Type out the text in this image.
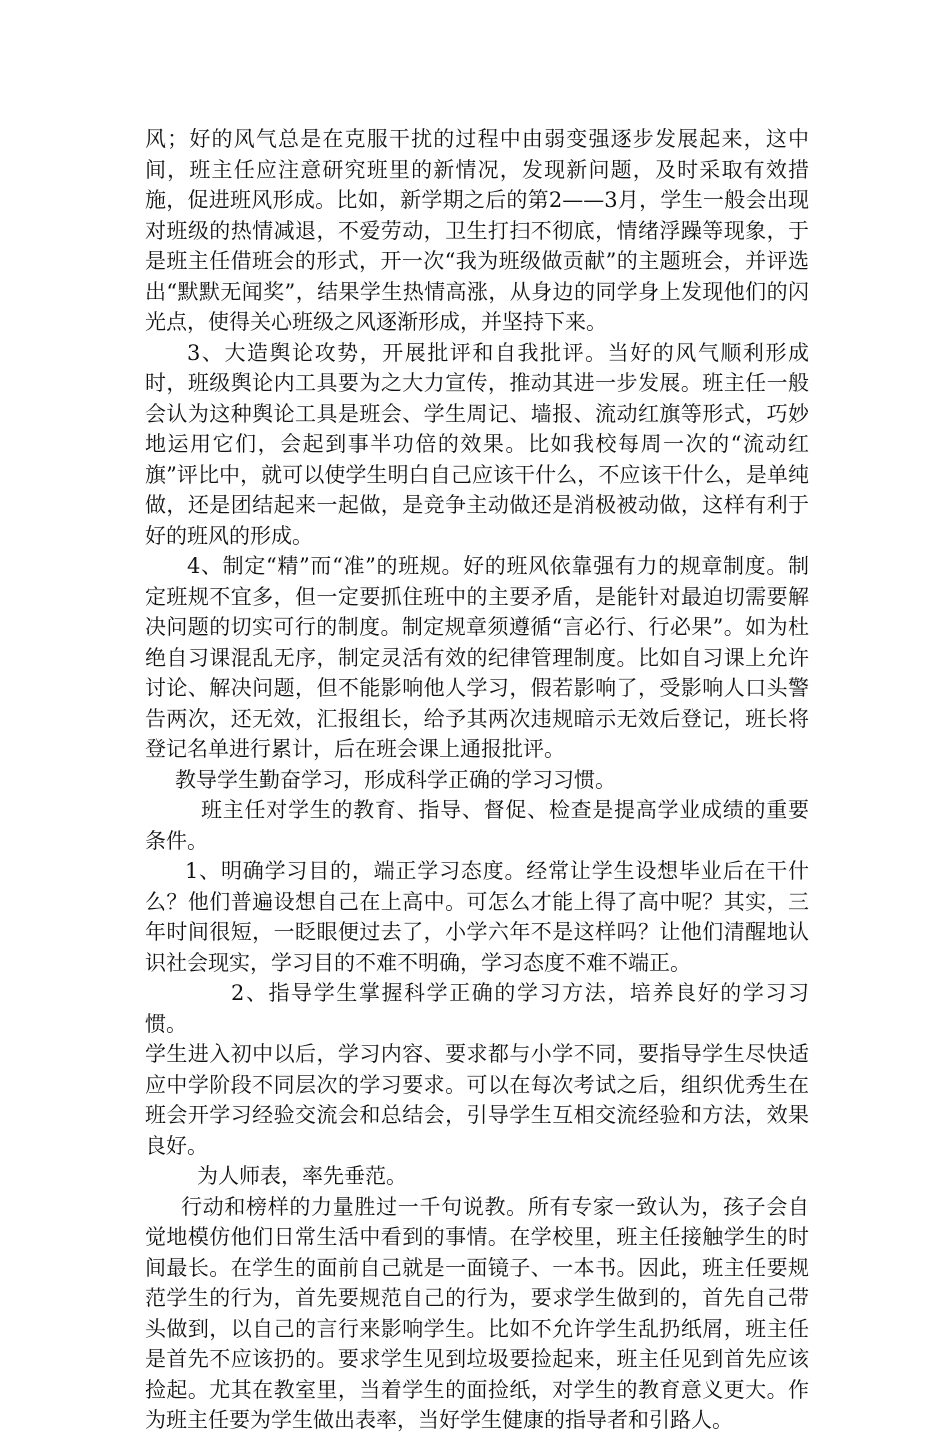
风；好的风气总是在克服干扰的过程中由弱变强逐步发展起来，这中间，班主任应注意研究班里的新情况，发现新问题，及时采取有效措施，促进班风形成。比如，新学期之后的第2——3月，学生一般会出现对班级的热情减退，不爱劳动，卫生打扫不彻底，情绪浮躁等现象，于是班主任借班会的形式，开一次“我为班级做贡献”的主题班会，并评选出“默默无闻奖”，结果学生热情高涨，从身边的同学身上发现他们的闪光点，使得关心班级之风逐渐形成，并坚持下来。

3、大造舆论攻势，开展批评和自我批评。当好的风气顺利形成时，班级舆论内工具要为之大力宣传，推动其进一步发展。班主任一般会认为这种舆论工具是班会、学生周记、墙报、流动红旗等形式，巧妙地运用它们，会起到事半功倍的效果。比如我校每周一次的“流动红旗”评比中，就可以使学生明白自己应该干什么，不应该干什么，是单纯做，还是团结起来一起做，是竞争主动做还是消极被动做，这样有利于好的班风的形成。

4、制定“精”而“准”的班规。好的班风依靠强有力的规章制度。制定班规不宜多，但一定要抓住班中的主要矛盾，是能针对最迫切需要解决问题的切实可行的制度。制定规章须遵循“言必行、行必果”。如为杜绝自习课混乱无序，制定灵活有效的纪律管理制度。比如自习课上允许讨论、解决问题，但不能影响他人学习，假若影响了，受影响人口头警告两次，还无效，汇报组长，给予其两次违规暗示无效后登记，班长将登记名单进行累计，后在班会课上通报批评。

教导学生勤奋学习，形成科学正确的学习习惯。

班主任对学生的教育、指导、督促、检查是提高学业成绩的重要条件。

1、明确学习目的，端正学习态度。经常让学生设想毕业后在干什么？他们普遍设想自己在上高中。可怎么才能上得了高中呢？其实，三年时间很短，一眨眼便过去了，小学六年不是这样吗？让他们清醒地认识社会现实，学习目的不难不明确，学习态度不难不端正。

2、指导学生掌握科学正确的学习方法，培养良好的学习习惯。

学生进入初中以后，学习内容、要求都与小学不同，要指导学生尽快适应中学阶段不同层次的学习要求。可以在每次考试之后，组织优秀生在班会开学习经验交流会和总结会，引导学生互相交流经验和方法，效果良好。

为人师表，率先垂范。

行动和榜样的力量胜过一千句说教。所有专家一致认为，孩子会自觉地模仿他们日常生活中看到的事情。在学校里，班主任接触学生的时间最长。在学生的面前自己就是一面镜子、一本书。因此，班主任要规范学生的行为，首先要规范自己的行为，要求学生做到的，首先自己带头做到，以自己的言行来影响学生。比如不允许学生乱扔纸屑，班主任是首先不应该扔的。要求学生见到垃圾要捡起来，班主任见到首先应该捡起。尤其在教室里，当着学生的面捡纸，对学生的教育意义更大。作为班主任要为学生做出表率，当好学生健康的指导者和引路人。
